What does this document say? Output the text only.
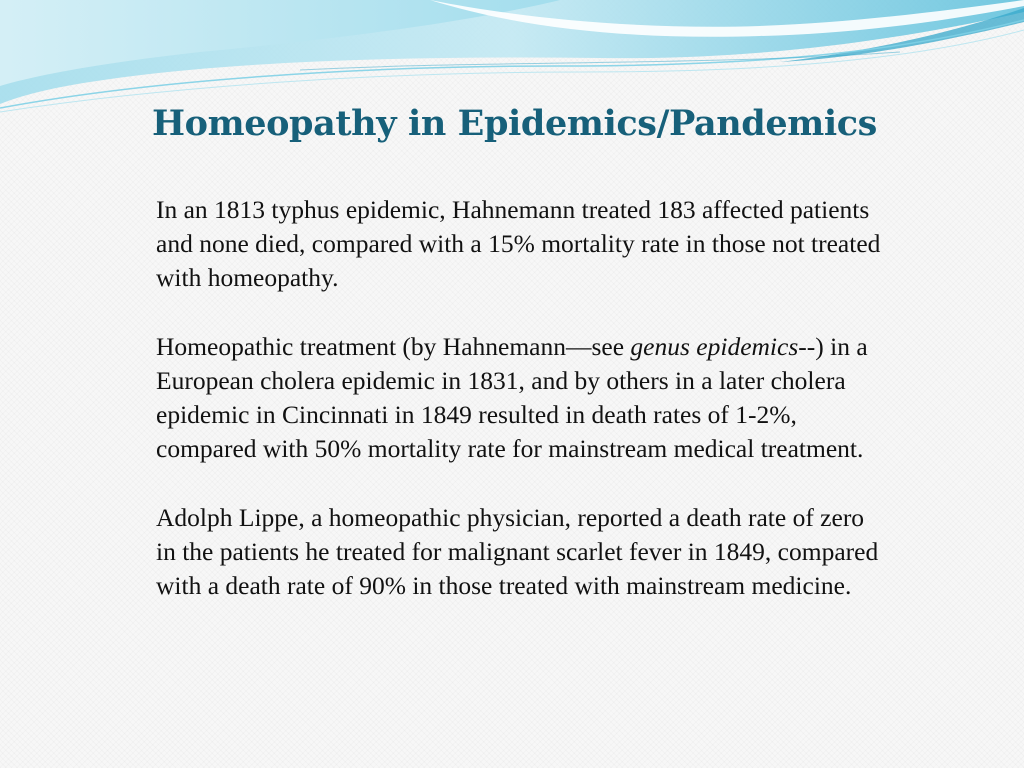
Homeopathy in Epidemics/Pandemics

In an 1813 typhus epidemic, Hahnemann treated 183 affected patients and none died, compared with a 15% mortality rate in those not treated with homeopathy.

Homeopathic treatment (by Hahnemann—see genus epidemics--) in a European cholera epidemic in 1831, and by others in a later cholera epidemic in Cincinnati in 1849 resulted in death rates of 1-2%, compared with 50% mortality rate for mainstream medical treatment.

Adolph Lippe, a homeopathic physician, reported a death rate of zero in the patients he treated for malignant scarlet fever in 1849, compared with a death rate of 90% in those treated with mainstream medicine.
